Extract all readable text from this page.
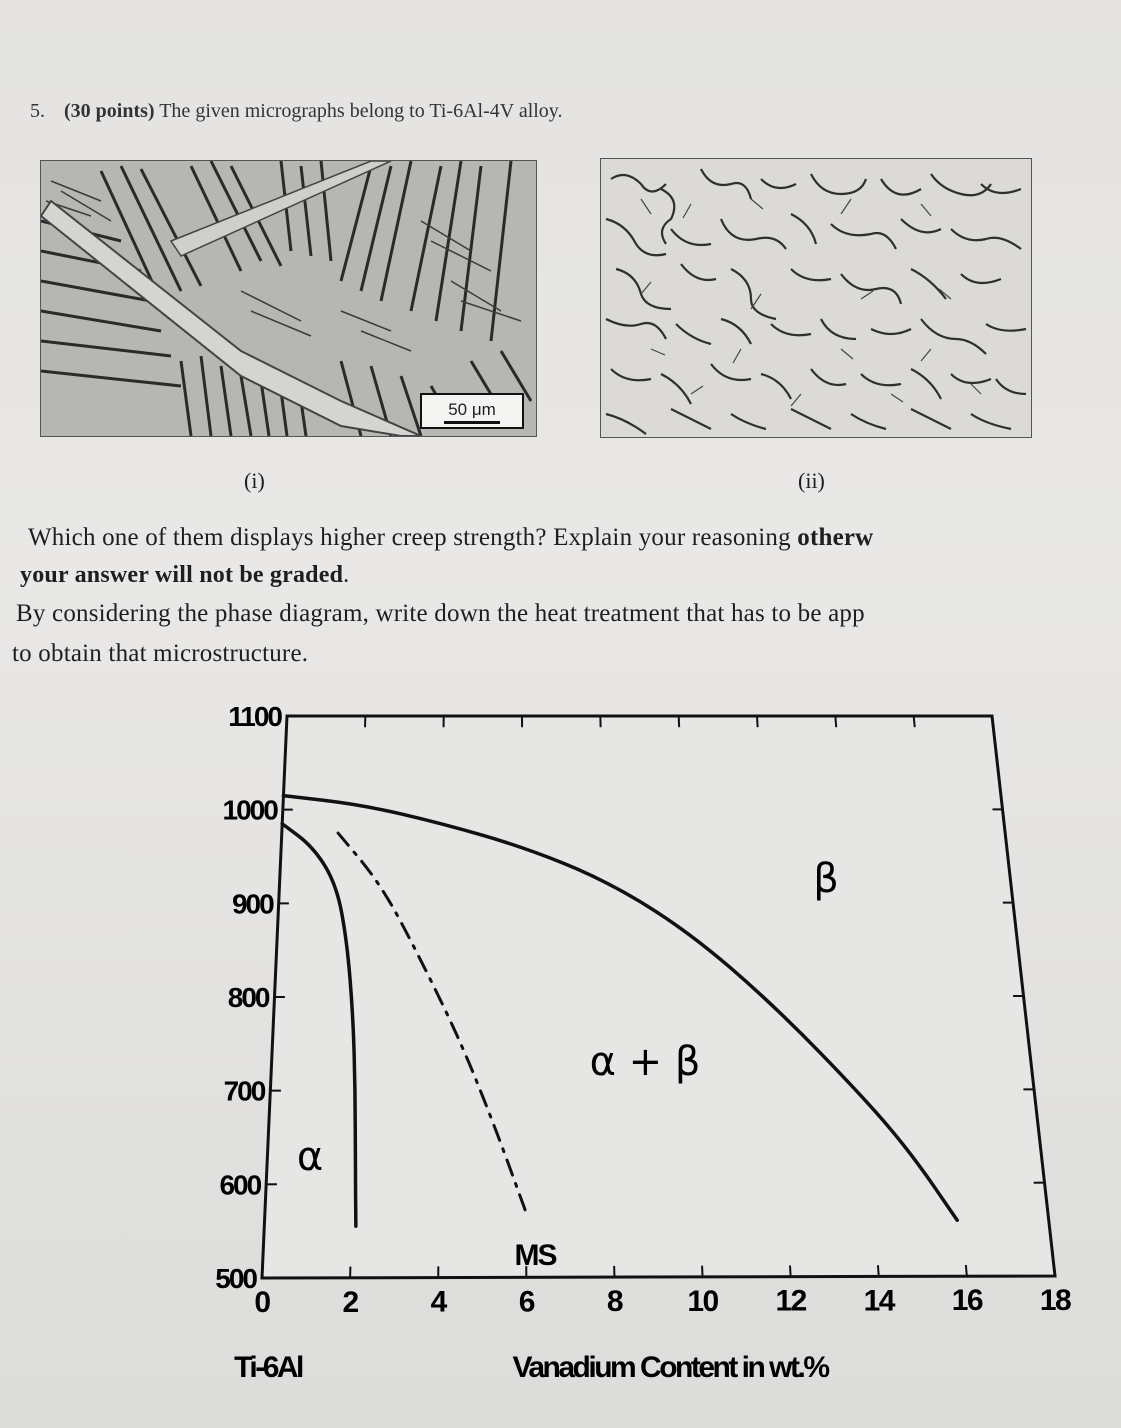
5. (30 points) The given micrographs belong to Ti-6Al-4V alloy.
50 μm
(i)	(ii)
Which one of them displays higher creep strength? Explain your reasoning otherw
your answer will not be graded.
By considering the phase diagram, write down the heat treatment that has to be app
to obtain that microstructure.
500
600
700
800
900
1000
1100
0 2 4 6 8 10 12 14 16 18
Vanadium Content in wt.%
Ti-6Al
α
α + β
β
MS
